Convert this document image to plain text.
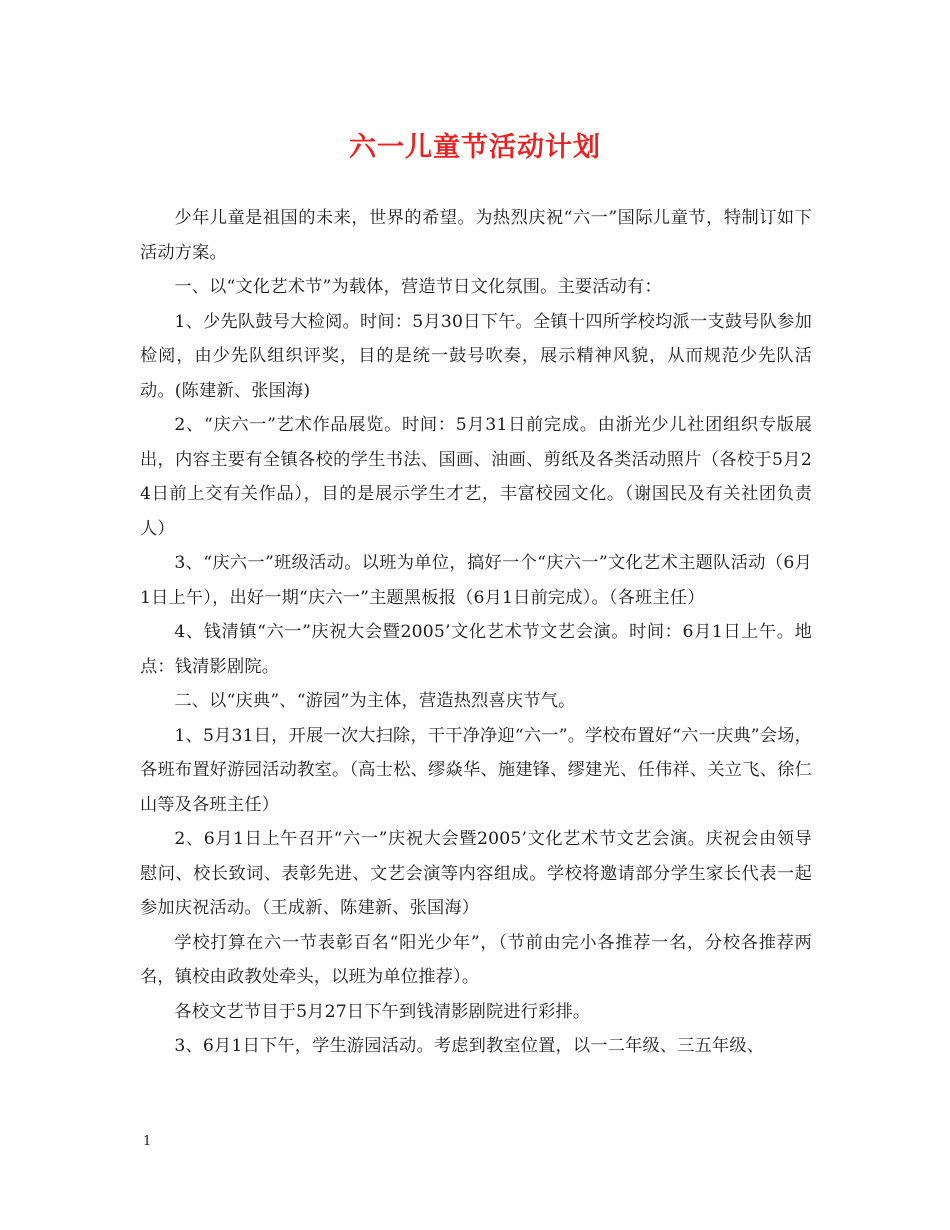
六一儿童节活动计划

少年儿童是祖国的未来，世界的希望。为热烈庆祝“六一”国际儿童节，特制订如下活动方案。

一、以“文化艺术节”为载体，营造节日文化氛围。主要活动有：

1、少先队鼓号大检阅。时间：5月30日下午。全镇十四所学校均派一支鼓号队参加检阅，由少先队组织评奖，目的是统一鼓号吹奏，展示精神风貌，从而规范少先队活动。(陈建新、张国海)

2、“庆六一”艺术作品展览。时间：5月31日前完成。由浙光少儿社团组织专版展出，内容主要有全镇各校的学生书法、国画、油画、剪纸及各类活动照片（各校于5月24日前上交有关作品），目的是展示学生才艺，丰富校园文化。（谢国民及有关社团负责人）

3、“庆六一”班级活动。以班为单位，搞好一个“庆六一”文化艺术主题队活动（6月1日上午），出好一期“庆六一”主题黑板报（6月1日前完成）。（各班主任）

4、钱清镇“六一”庆祝大会暨2005’文化艺术节文艺会演。时间：6月1日上午。地点：钱清影剧院。

二、以“庆典”、“游园”为主体，营造热烈喜庆节气。

1、5月31日，开展一次大扫除，干干净净迎“六一”。学校布置好“六一庆典”会场，各班布置好游园活动教室。（高士松、缪焱华、施建锋、缪建光、任伟祥、关立飞、徐仁山等及各班主任）

2、6月1日上午召开“六一”庆祝大会暨2005’文化艺术节文艺会演。庆祝会由领导慰问、校长致词、表彰先进、文艺会演等内容组成。学校将邀请部分学生家长代表一起参加庆祝活动。（王成新、陈建新、张国海）

学校打算在六一节表彰百名“阳光少年”，（节前由完小各推荐一名，分校各推荐两名，镇校由政教处牵头，以班为单位推荐）。

各校文艺节目于5月27日下午到钱清影剧院进行彩排。

3、6月1日下午，学生游园活动。考虑到教室位置，以一二年级、三五年级、

1
